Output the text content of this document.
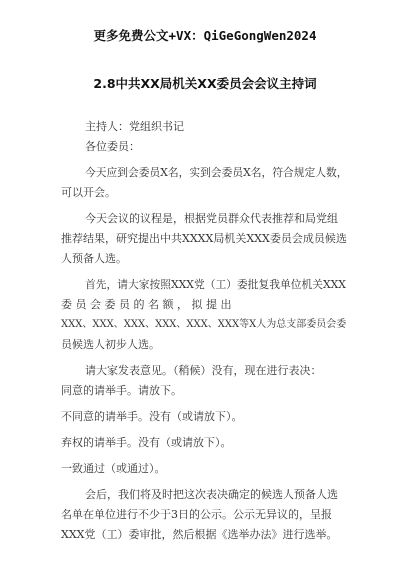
更多免费公文+VX：QiGeGongWen2024
2.8中共XX局机关XX委员会会议主持词
主持人：党组织书记
各位委员：
今天应到会委员X名，实到会委员X名，符合规定人数，
可以开会。
今天会议的议程是，根据党员群众代表推荐和局党组
推荐结果，研究提出中共XXXX局机关XXX委员会成员候选
人预备人选。
首先，请大家按照XXX党（工）委批复我单位机关XXX
委 员 会 委 员 的 名 额 ， 拟 提 出
XXX、XXX、XXX、XXX、XXX、XXX等X人为总支部委员会委
员候选人初步人选。
请大家发表意见。（稍候）没有，现在进行表决：
同意的请举手。请放下。
不同意的请举手。没有（或请放下）。
弃权的请举手。没有（或请放下）。
一致通过（或通过）。
会后，我们将及时把这次表决确定的候选人预备人选
名单在单位进行不少于3日的公示。公示无异议的，呈报
XXX党（工）委审批，然后根据《选举办法》进行选举。
